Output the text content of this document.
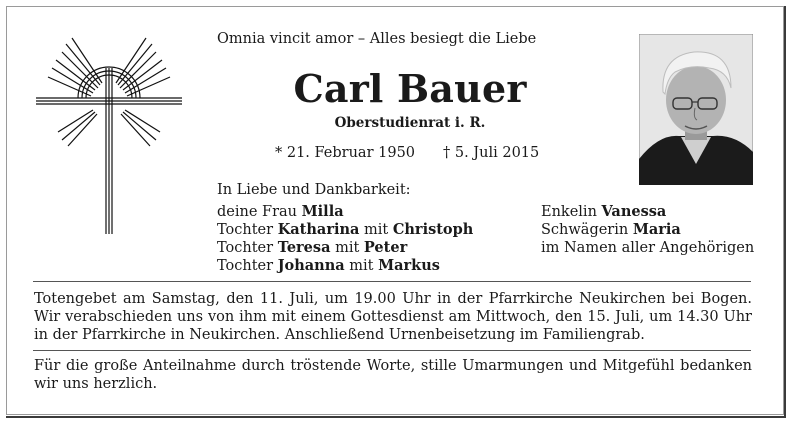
Omnia vincit amor – Alles besiegt die Liebe
Carl Bauer
Oberstudienrat i. R.
* 21. Februar 1950 † 5. Juli 2015
In Liebe und Dankbarkeit:
deine Frau Milla
Tochter Katharina mit Christoph
Tochter Teresa mit Peter
Tochter Johanna mit Markus
Enkelin Vanessa
Schwägerin Maria
im Namen aller Angehörigen
Totengebet am Samstag, den 11. Juli, um 19.00 Uhr in der Pfarrkirche Neukirchen bei Bogen. Wir verabschieden uns von ihm mit einem Gottesdienst am Mittwoch, den 15. Juli, um 14.30 Uhr in der Pfarrkirche in Neukirchen. Anschließend Urnenbeisetzung im Familiengrab.
Für die große Anteilnahme durch tröstende Worte, stille Umarmungen und Mitgefühl bedanken wir uns herzlich.
